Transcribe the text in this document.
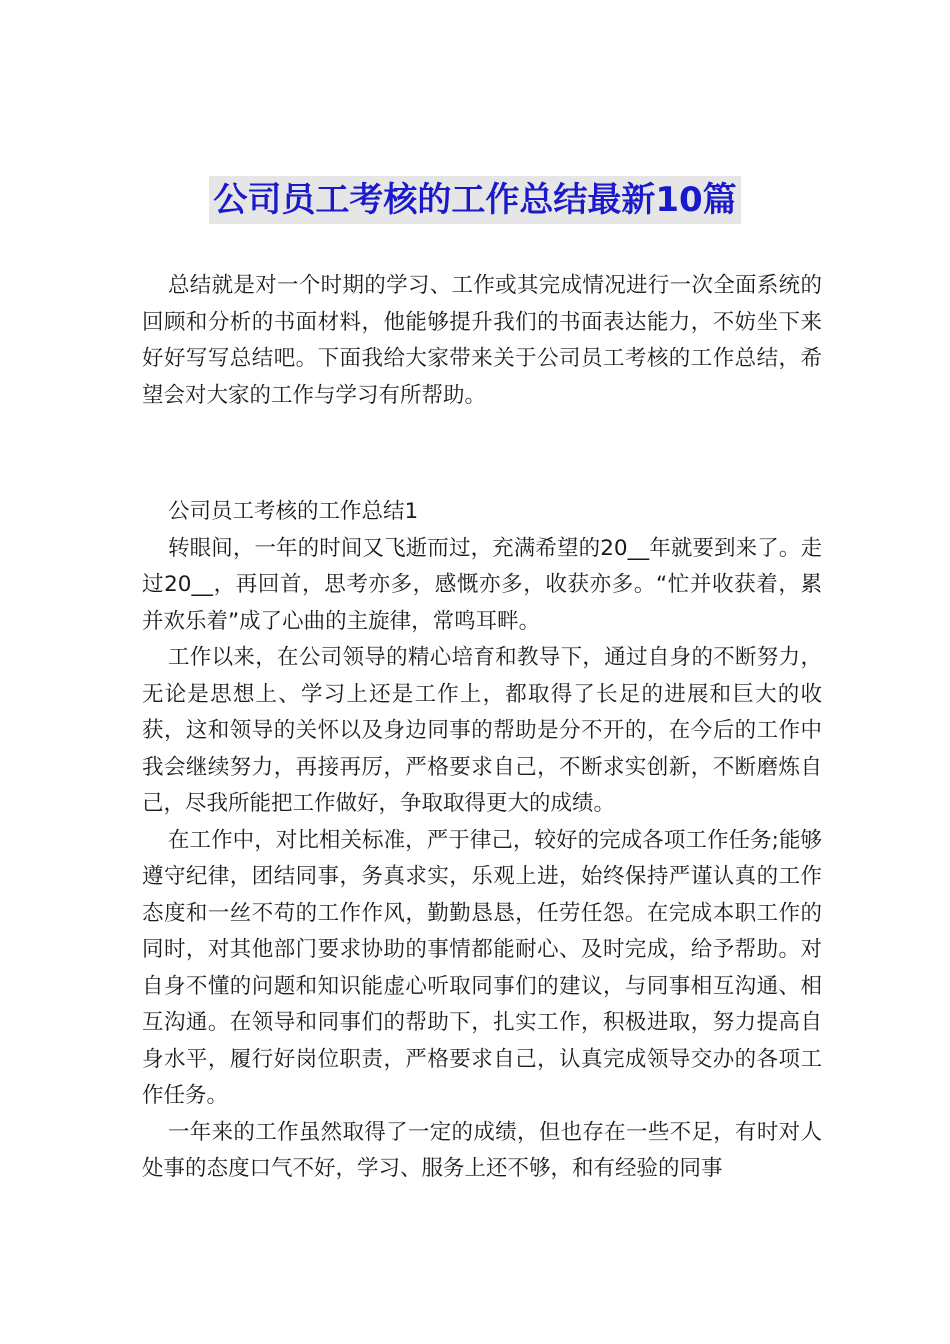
公司员工考核的工作总结最新10篇

总结就是对一个时期的学习、工作或其完成情况进行一次全面系统的回顾和分析的书面材料，他能够提升我们的书面表达能力，不妨坐下来好好写写总结吧。下面我给大家带来关于公司员工考核的工作总结，希望会对大家的工作与学习有所帮助。

公司员工考核的工作总结1

转眼间，一年的时间又飞逝而过，充满希望的20__年就要到来了。走过20__，再回首，思考亦多，感慨亦多，收获亦多。“忙并收获着，累并欢乐着”成了心曲的主旋律，常鸣耳畔。

工作以来，在公司领导的精心培育和教导下，通过自身的不断努力，无论是思想上、学习上还是工作上，都取得了长足的进展和巨大的收获，这和领导的关怀以及身边同事的帮助是分不开的，在今后的工作中我会继续努力，再接再厉，严格要求自己，不断求实创新，不断磨炼自己，尽我所能把工作做好，争取取得更大的成绩。

在工作中，对比相关标准，严于律己，较好的完成各项工作任务;能够遵守纪律，团结同事，务真求实，乐观上进，始终保持严谨认真的工作态度和一丝不苟的工作作风，勤勤恳恳，任劳任怨。在完成本职工作的同时，对其他部门要求协助的事情都能耐心、及时完成，给予帮助。对自身不懂的问题和知识能虚心听取同事们的建议，与同事相互沟通、相互沟通。在领导和同事们的帮助下，扎实工作，积极进取，努力提高自身水平，履行好岗位职责，严格要求自己，认真完成领导交办的各项工作任务。

一年来的工作虽然取得了一定的成绩，但也存在一些不足，有时对人处事的态度口气不好，学习、服务上还不够，和有经验的同事
